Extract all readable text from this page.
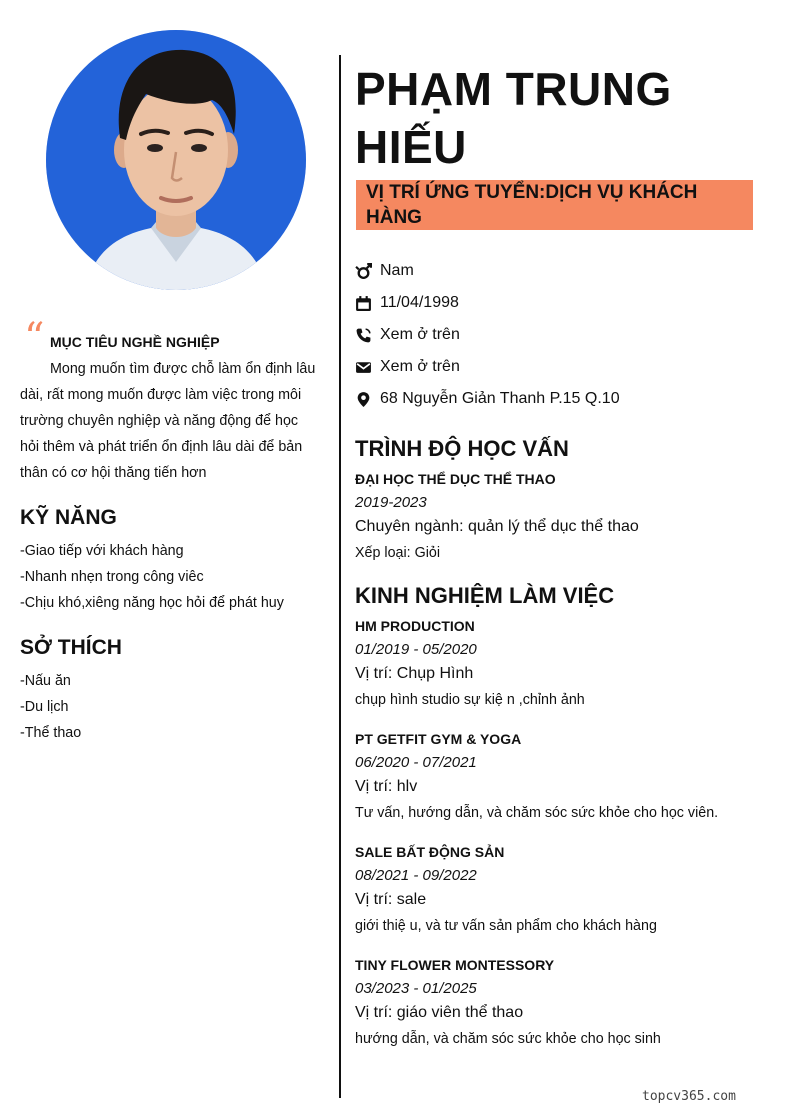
“ MỤC TIÊU NGHỀ NGHIỆP
Mong muốn tìm được chỗ làm ổn định lâu dài, rất mong muốn được làm việc trong môi trường chuyên nghiệp và năng động để học hỏi thêm và phát triển ổn định lâu dài để bản thân có cơ hội thăng tiến hơn
KỸ NĂNG
-Giao tiếp với khách hàng
-Nhanh nhẹn trong công viêc
-Chịu khó,xiêng năng học hỏi để phát huy
SỞ THÍCH
-Nấu ăn
-Du lịch
-Thể thao
PHẠM TRUNG HIẾU
VỊ TRÍ ỨNG TUYỂN:DỊCH VỤ KHÁCH HÀNG
Nam
11/04/1998
Xem ở trên
Xem ở trên
68 Nguyễn Giản Thanh P.15 Q.10
TRÌNH ĐỘ HỌC VẤN
ĐẠI HỌC THỂ DỤC THỂ THAO
2019-2023
Chuyên ngành: quản lý thể dục thể thao
Xếp loại: Giỏi
KINH NGHIỆM LÀM VIỆC
HM PRODUCTION
01/2019 - 05/2020
Vị trí: Chụp Hình
chụp hình studio sự kiệ n ,chỉnh ảnh
PT GETFIT GYM & YOGA
06/2020 - 07/2021
Vị trí: hlv
Tư vấn, hướng dẫn, và chăm sóc sức khỏe cho học viên.
SALE BẤT ĐỘNG SẢN
08/2021 - 09/2022
Vị trí: sale
giới thiệ u, và tư vấn sản phẩm cho khách hàng
TINY FLOWER MONTESSORY
03/2023 - 01/2025
Vị trí: giáo viên thể thao
hướng dẫn, và chăm sóc sức khỏe cho học sinh
topcv365.com
